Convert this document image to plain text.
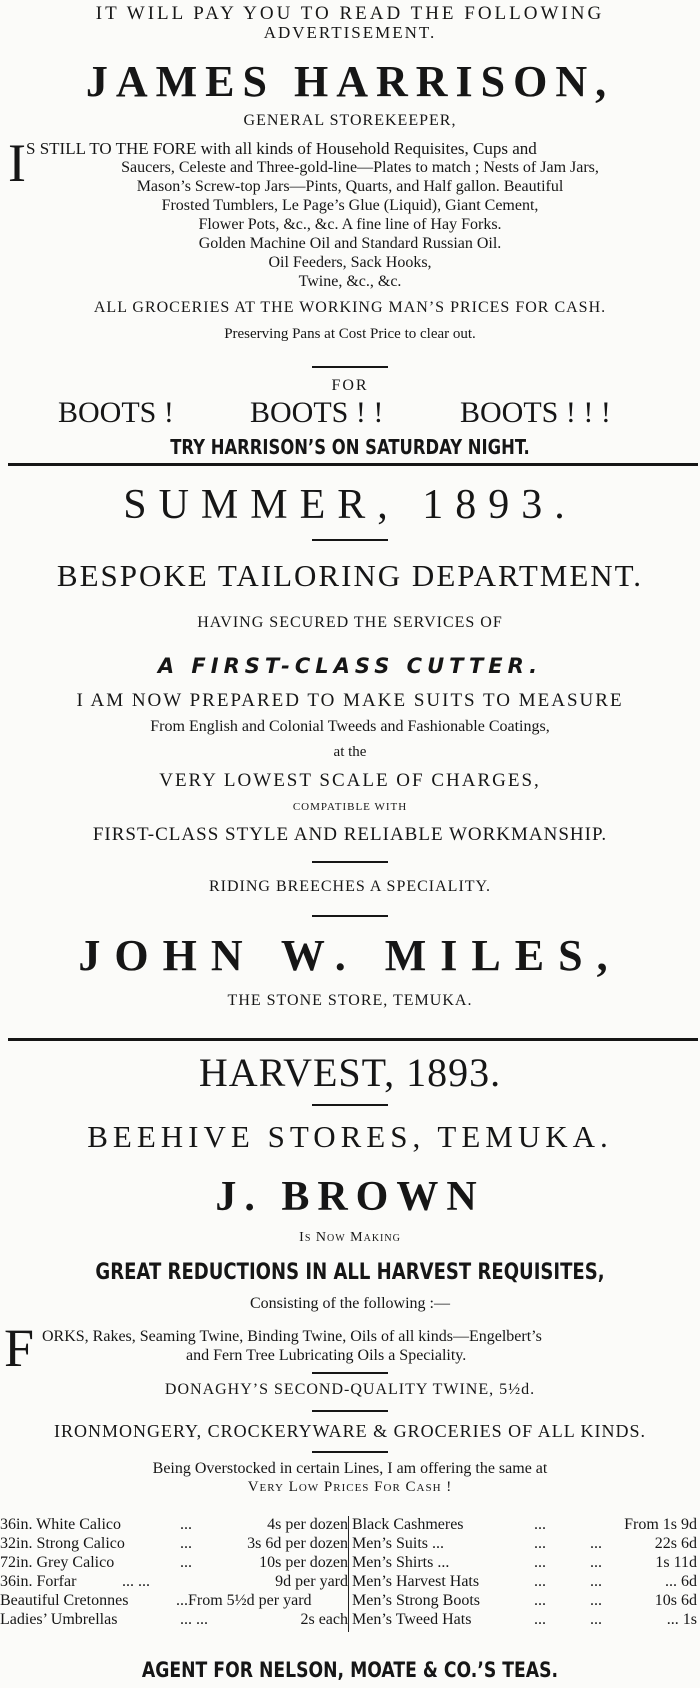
IT WILL PAY YOU TO READ THE FOLLOWING
ADVERTISEMENT.
JAMES HARRISON,
GENERAL STOREKEEPER,
I S STILL TO THE FORE with all kinds of Household Requisites, Cups and
Saucers, Celeste and Three-gold-line—Plates to match ; Nests of Jam Jars,
Mason’s Screw-top Jars—Pints, Quarts, and Half gallon. Beautiful
Frosted Tumblers, Le Page’s Glue (Liquid), Giant Cement,
Flower Pots, &c., &c. A fine line of Hay Forks.
Golden Machine Oil and Standard Russian Oil.
Oil Feeders, Sack Hooks,
Twine, &c., &c.
ALL GROCERIES AT THE WORKING MAN’S PRICES FOR CASH.
Preserving Pans at Cost Price to clear out.
FOR
BOOTS !	BOOTS ! !	BOOTS ! ! !
TRY HARRISON’S ON SATURDAY NIGHT.
SUMMER, 1893.
BESPOKE TAILORING DEPARTMENT.
HAVING SECURED THE SERVICES OF
A FIRST-CLASS CUTTER.
I AM NOW PREPARED TO MAKE SUITS TO MEASURE
From English and Colonial Tweeds and Fashionable Coatings,
at the
VERY LOWEST SCALE OF CHARGES,
COMPATIBLE WITH
FIRST-CLASS STYLE AND RELIABLE WORKMANSHIP.
RIDING BREECHES A SPECIALITY.
JOHN W. MILES,
THE STONE STORE, TEMUKA.
HARVEST, 1893.
BEEHIVE STORES, TEMUKA.
J. BROWN
Is Now Making
GREAT REDUCTIONS IN ALL HARVEST REQUISITES,
Consisting of the following :—
F ORKS, Rakes, Seaming Twine, Binding Twine, Oils of all kinds—Engelbert’s
and Fern Tree Lubricating Oils a Speciality.
DONAGHY’S SECOND-QUALITY TWINE, 5½d.
IRONMONGERY, CROCKERYWARE & GROCERIES OF ALL KINDS.
Being Overstocked in certain Lines, I am offering the same at
Very Low Prices For Cash !
36in. White Calico	...	4s per dozen Black Cashmeres	...	From 1s 9d
32in. Strong Calico	...	3s 6d per dozen Men’s Suits ...	...	...	22s 6d
72in. Grey Calico	...	10s per dozen Men’s Shirts ...	...	...	1s 11d
36in. Forfar	... ...	9d per yard Men’s Harvest Hats	...	...	... 6d
Beautiful Cretonnes	...From 5½d per yard	Men’s Strong Boots	...	...	10s 6d
Ladies’ Umbrellas	... ...	2s each Men’s Tweed Hats	...	...	... 1s
AGENT FOR NELSON, MOATE & CO.’S TEAS.
